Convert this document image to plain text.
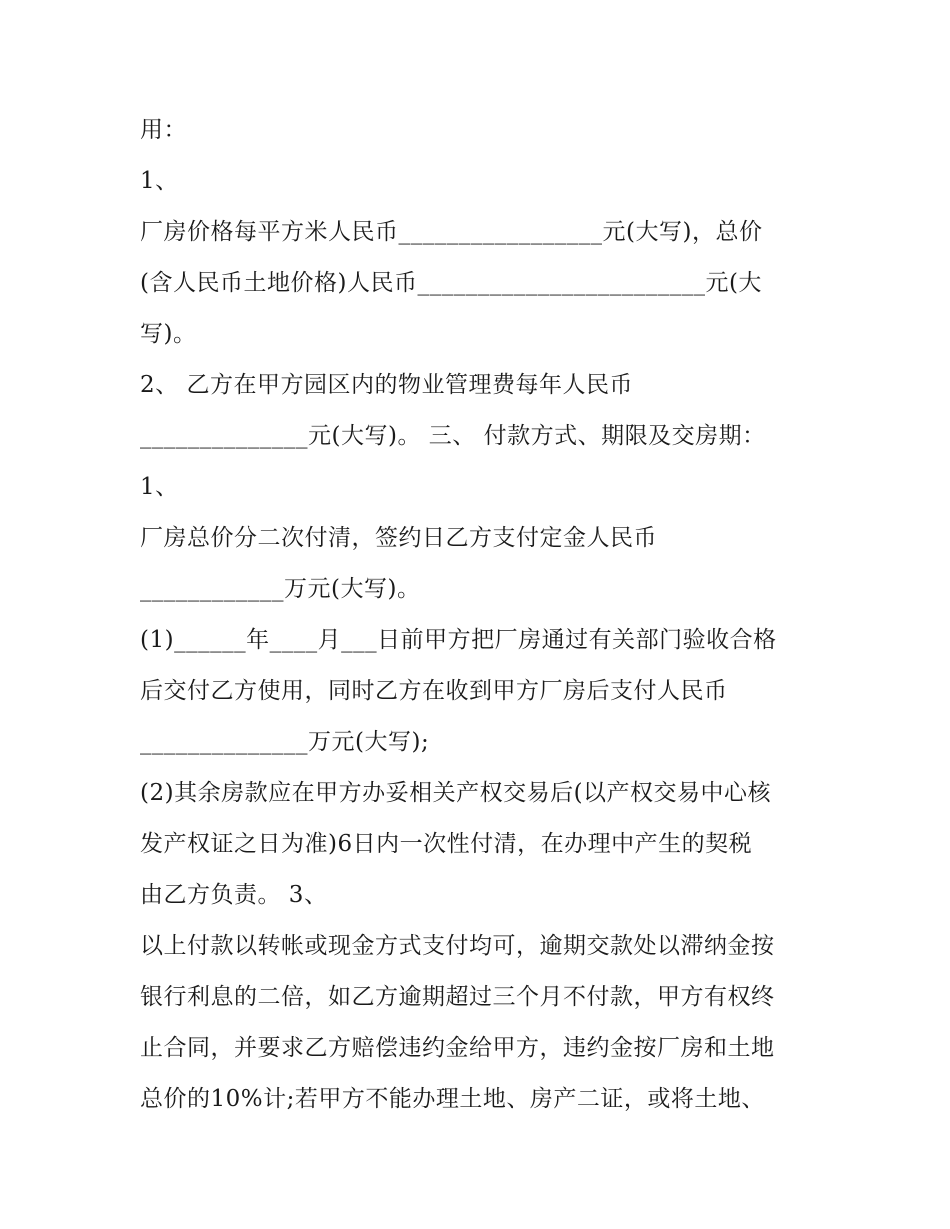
用：
1、
厂房价格每平方米人民币_________________元(大写)，总价
(含人民币土地价格)人民币________________________元(大
写)。
2、 乙方在甲方园区内的物业管理费每年人民币
______________元(大写)。 三、 付款方式、期限及交房期：
1、
厂房总价分二次付清，签约日乙方支付定金人民币
____________万元(大写)。
(1)______年____月___日前甲方把厂房通过有关部门验收合格
后交付乙方使用，同时乙方在收到甲方厂房后支付人民币
______________万元(大写);
(2)其余房款应在甲方办妥相关产权交易后(以产权交易中心核
发产权证之日为准)6日内一次性付清，在办理中产生的契税
由乙方负责。 3、
以上付款以转帐或现金方式支付均可，逾期交款处以滞纳金按
银行利息的二倍，如乙方逾期超过三个月不付款，甲方有权终
止合同，并要求乙方赔偿违约金给甲方，违约金按厂房和土地
总价的10%计;若甲方不能办理土地、房产二证，或将土地、
